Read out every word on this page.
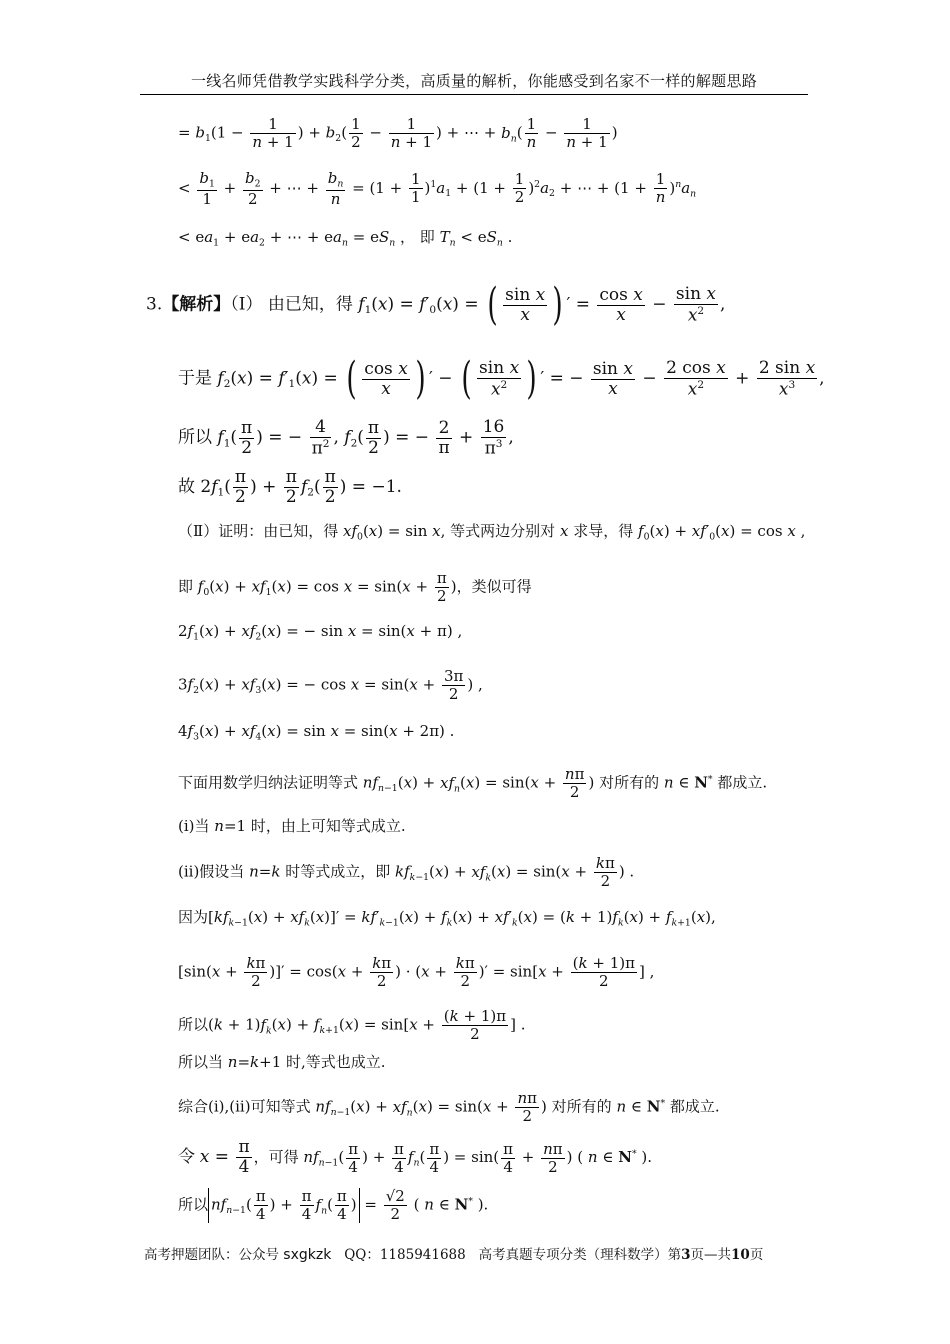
一线名师凭借教学实践科学分类，高质量的解析，你能感受到名家不一样的解题思路
= $b_1(1 - \frac{1}{n + 1}$ ) + $b_2( \frac{1}{2} - \frac{1}{n + 1}$ ) + ⋯ + $b_n( \frac{1}{n} - \frac{1}{n + 1}$ )
< $\frac{b_1}{1} + \frac{b_2}{2}$ + ⋯ + $\frac{b_n}{n} = (1 + \frac{1}{1} )^1a_1 + (1 + \frac{1}{2} )^2a_2$ + ⋯ + $(1 + \frac{1}{n} )^na_n$
< $ea_1 + ea_2$ + ⋯ + $ea_n = eS_n$ ， 即 $T_n < eS_n$ .
3.【解析】（Ⅰ） 由已知，得 $f_1(x) = f'_0(x)$ = ( $\frac{\text{sin x}}{x}$ ) ′ = $\frac{\text{cos x}}{x} - \frac{\text{sin x}}{x^2}$ ,
于是 $f_2(x) = f'_1(x)$ = ( $\frac{\text{cos x}}{x}$ ) ′ − ( $\frac{\text{sin x}}{x^2}$ ) ′ = − $\frac{\text{sin x}}{x} - \frac{\text{2 cos x}}{x^2} + \frac{\text{2 sin x}}{x^3}$ ,
所以 $f_1( \frac{\pi}{2}$ ) = − $\frac{4}{\pi^2}$ , $f_2( \frac{\pi}{2}$ ) = − $\frac{2}{\pi} + \frac{16}{\pi^3}$ ,
故 $2f_1( \frac{\pi}{2}$ ) + $\frac{\pi}{2} f_2( \frac{\pi}{2}$ ) = −1.
（Ⅱ）证明：由已知，得 $xf_0(x) = \sin x$, 等式两边分别对 x 求导，得 $f_0(x) + xf'_0(x) = \cos x$ ,
即 $f_0(x) + xf_1(x) = \cos x = \sin(x + \frac{\pi}{2}$ )，类似可得
$2f_1(x) + xf_2(x)$ = − sin x = sin(x + π) ,
$3f_2(x) + xf_3(x)$ = − $\cos x = \sin(x + \frac{3\pi}{2}$ ) ,
$4f_3(x) + xf_4(x) = \sin x = \sin(x + 2\pi)$ .
下面用数学归纳法证明等式 $nf_{n-1}(x) + xf_n(x) = \sin(x + \frac{n\pi}{2}$ ) 对所有的 n ∈ N* 都成立.
(i)当 n=1 时，由上可知等式成立.
(ii)假设当 n=k 时等式成立，即 $kf_{k-1}(x) + xf_k(x) = \sin(x + \frac{k\pi}{2}$ ) .
因为$[kf_{k-1}(x) + xf_k(x)]' = kf'_{k-1}(x) + f_k(x) + xf'_k(x) = (k + 1)f_k(x) + f_{k+1}(x)$,
[$\sin(x + \frac{k\pi}{2}$ )]′ = $\cos(x + \frac{k\pi}{2}$ ) · ($x + \frac{k\pi}{2}$ )′ = $\sin[x + \frac{(k + 1)\pi}{2}$ ] ,
所以$(k + 1)f_k(x) + f_{k+1}(x) = \sin[x + \frac{(k + 1)\pi}{2}$ ] .
所以当 n=k+1 时,等式也成立.
综合(i),(ii)可知等式 $nf_{n-1}(x) + xf_n(x) = \sin(x + \frac{n\pi}{2}$ ) 对所有的 n ∈ N* 都成立.
令 $x = \frac{\pi}{4}$ ，可得 $nf_{n-1}( \frac{\pi}{4}$ ) + $\frac{\pi}{4} f_n( \frac{\pi}{4}$ ) = $\sin( \frac{\pi}{4} + \frac{n\pi}{2}$ ) ( n ∈ N* ).
所以 $nf_{n-1}( \frac{\pi}{4}$ ) + $\frac{\pi}{4} f_n( \frac{\pi}{4}$ ) = $\frac{√2}{2}$ ( n ∈ N* ).
高考押题团队：公众号 sxgkzk QQ：1185941688 高考真题专项分类（理科数学）第3页—共10页
